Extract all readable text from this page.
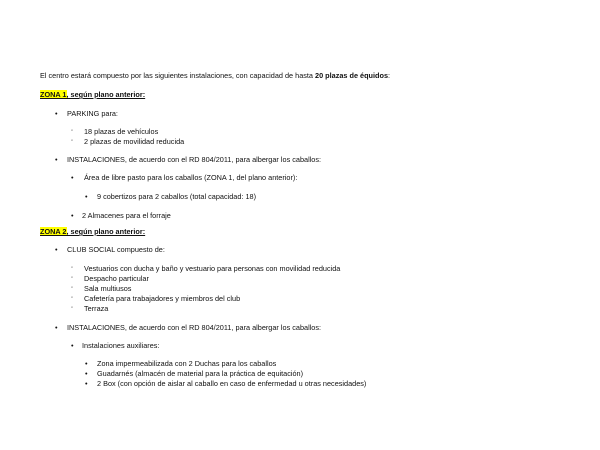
El centro estará compuesto por las siguientes instalaciones, con capacidad de hasta 20 plazas de équidos:
ZONA 1, según plano anterior:
• PARKING para:
◦ 18 plazas de vehículos
◦ 2 plazas de movilidad reducida
• INSTALACIONES, de acuerdo con el RD 804/2011, para albergar los caballos:
• Área de libre pasto para los caballos (ZONA 1, del plano anterior):
• 9 cobertizos para 2 caballos (total capacidad: 18)
• 2 Almacenes para el forraje
ZONA 2, según plano anterior:
• CLUB SOCIAL compuesto de:
◦ Vestuarios con ducha y baño y vestuario para personas con movilidad reducida
◦ Despacho particular
◦ Sala multiusos
◦ Cafetería para trabajadores y miembros del club
◦ Terraza
• INSTALACIONES, de acuerdo con el RD 804/2011, para albergar los caballos:
• Instalaciones auxiliares:
• Zona impermeabilizada con 2 Duchas para los caballos
• Guadarnés (almacén de material para la práctica de equitación)
• 2 Box (con opción de aislar al caballo en caso de enfermedad u otras necesidades)
